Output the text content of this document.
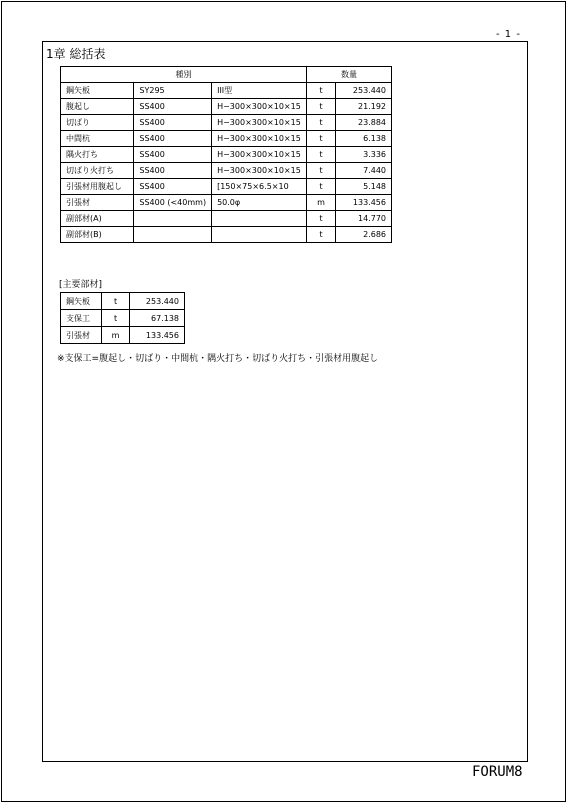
- 1 -
1章 総括表
種別			数量	
鋼矢板	SY295	III型	t	253.440
腹起し	SS400	H−300×300×10×15	t	21.192
切ばり	SS400	H−300×300×10×15	t	23.884
中間杭	SS400	H−300×300×10×15	t	6.138
隅火打ち	SS400	H−300×300×10×15	t	3.336
切ばり火打ち	SS400	H−300×300×10×15	t	7.440
引張材用腹起し	SS400	[150×75×6.5×10	t	5.148
引張材	SS400 (<40mm)	50.0φ	m	133.456
副部材(A)			t	14.770
副部材(B)			t	2.686
[主要部材]
鋼矢板	t	253.440
支保工	t	67.138
引張材	m	133.456
※支保工=腹起し・切ばり・中間杭・隅火打ち・切ばり火打ち・引張材用腹起し
FORUM8
